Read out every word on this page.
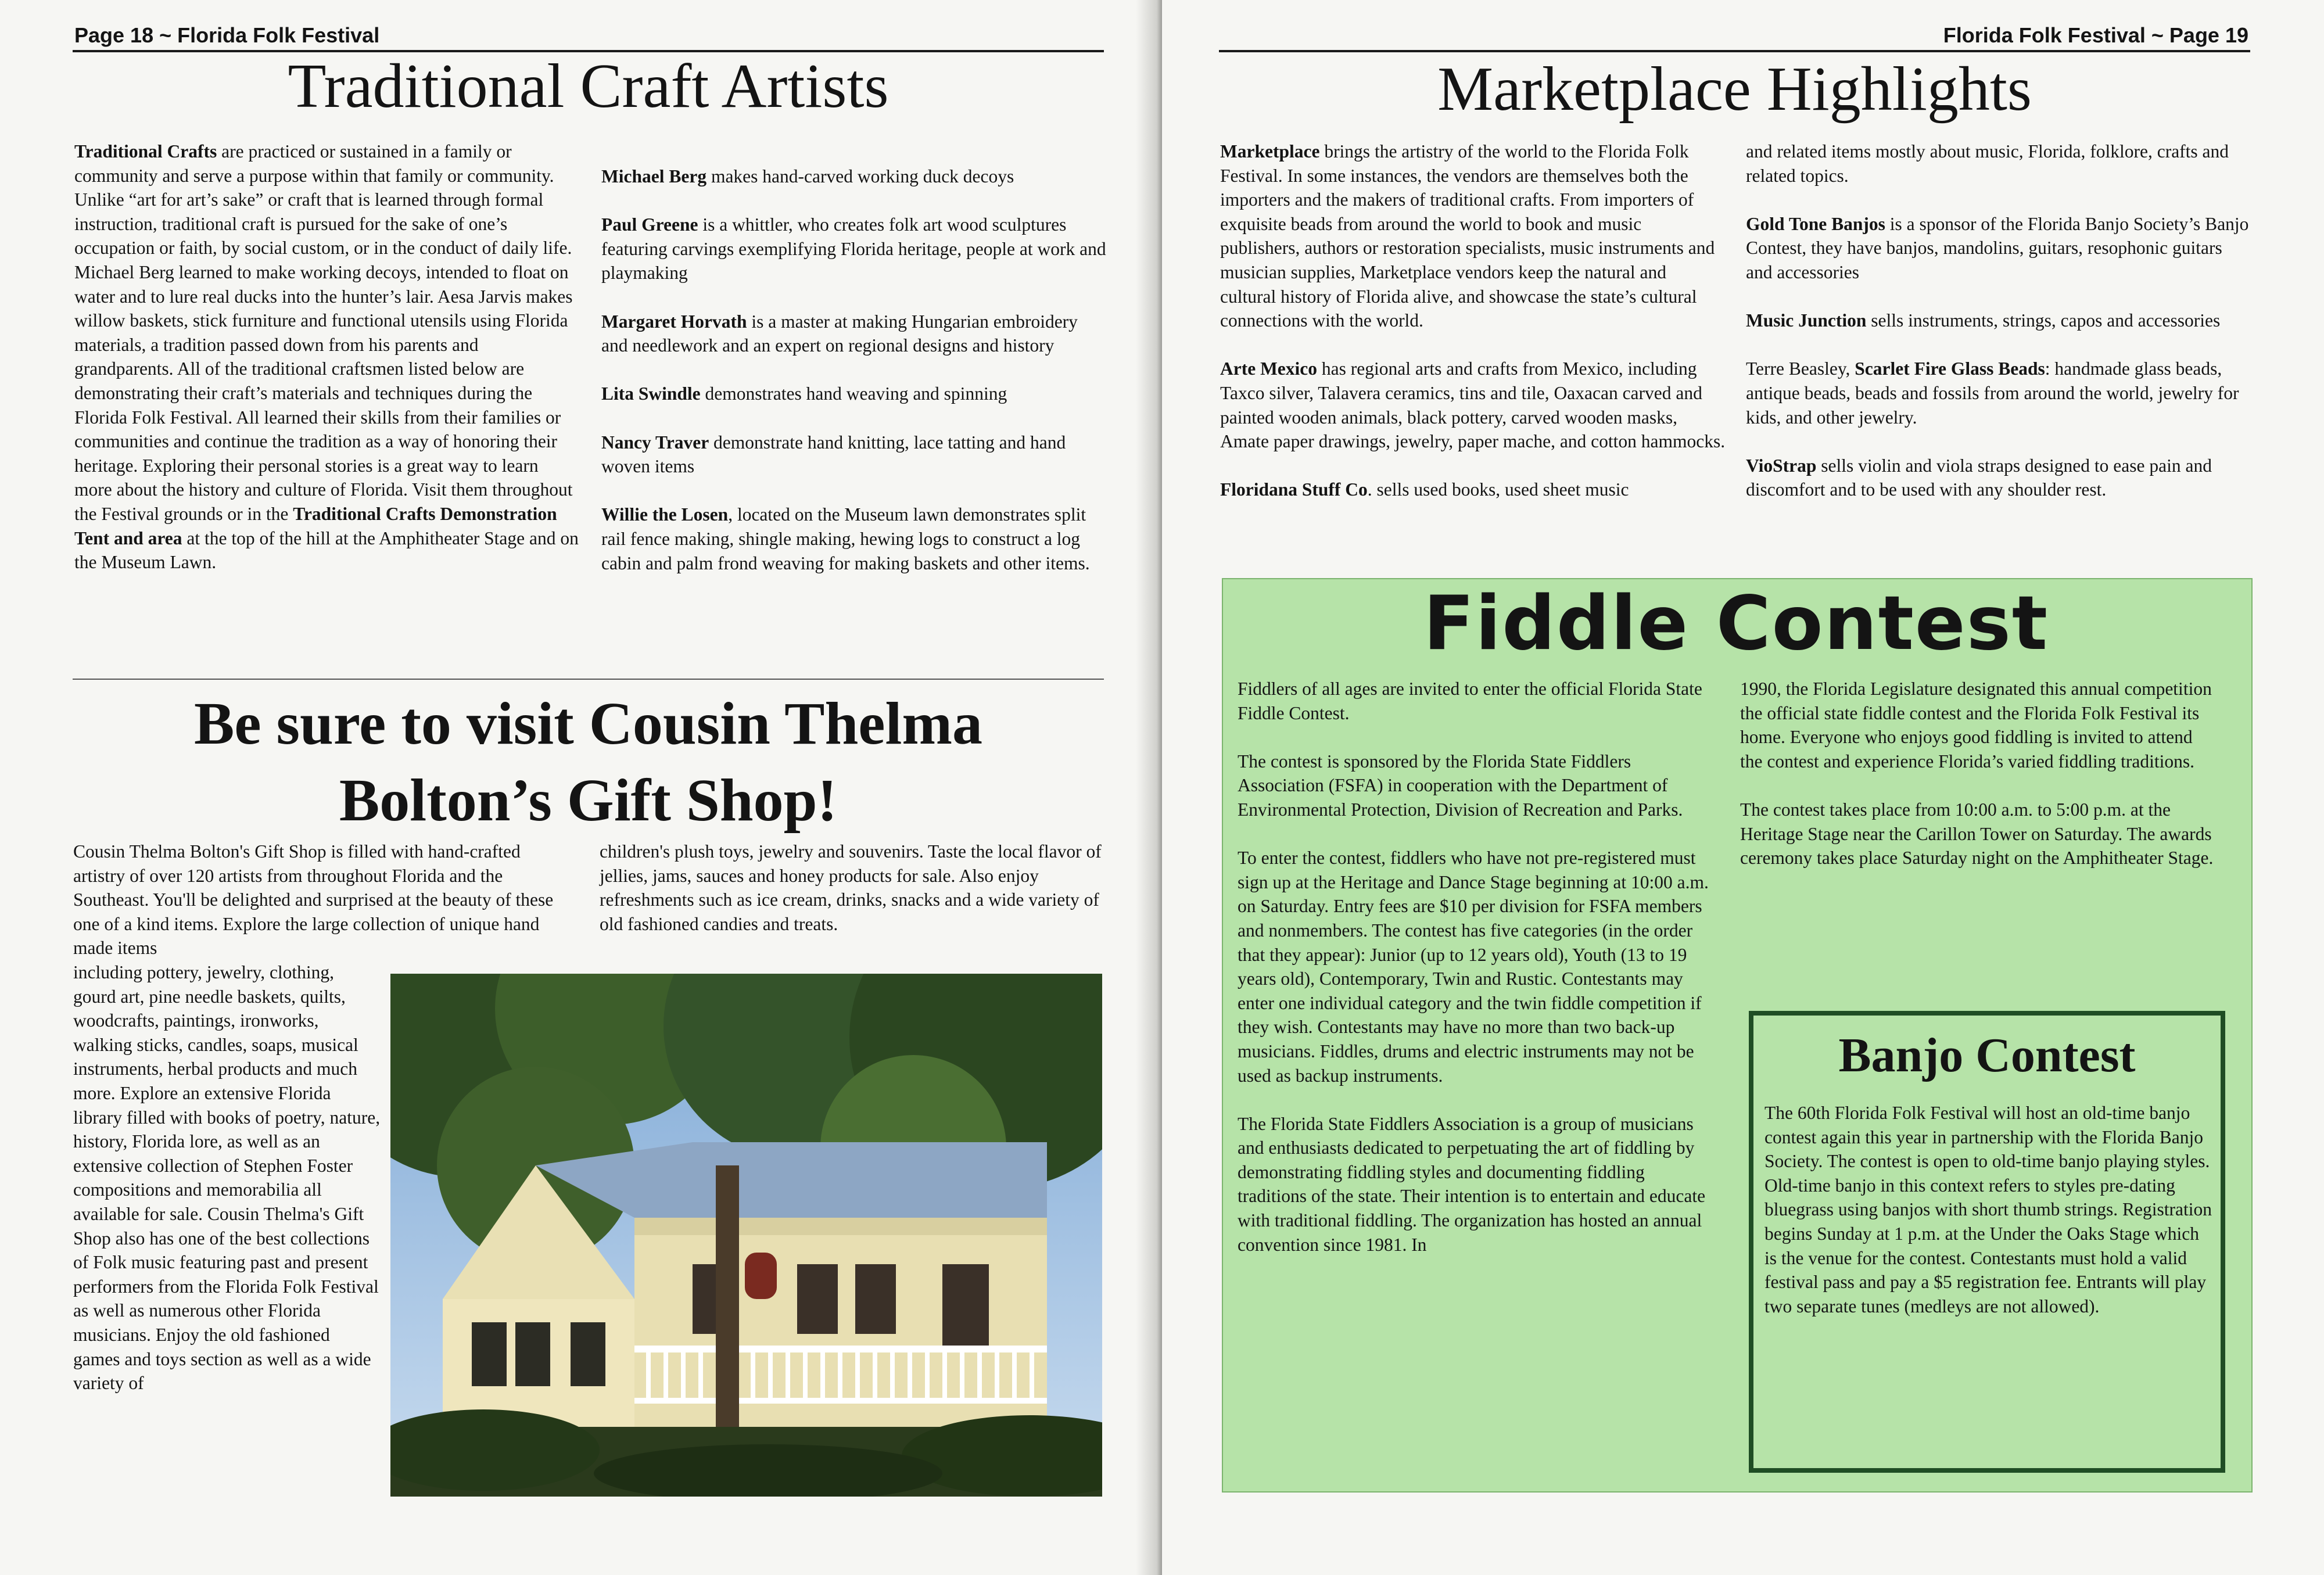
Page 18 ~ Florida Folk Festival
Traditional Craft Artists

Traditional Crafts are practiced or sustained in a family or community and serve a purpose within that family or community. Unlike “art for art’s sake” or craft that is learned through formal instruction, traditional craft is pursued for the sake of one’s occupation or faith, by social custom, or in the conduct of daily life. Michael Berg learned to make working decoys, intended to float on water and to lure real ducks into the hunter’s lair. Aesa Jarvis makes willow baskets, stick furniture and functional utensils using Florida materials, a tradition passed down from his parents and grandparents. All of the traditional craftsmen listed below are demonstrating their craft’s materials and techniques during the Florida Folk Festival. All learned their skills from their families or communities and continue the tradition as a way of honoring their heritage. Exploring their personal stories is a great way to learn more about the history and culture of Florida. Visit them throughout the Festival grounds or in the Traditional Crafts Demonstration Tent and area at the top of the hill at the Amphitheater Stage and on the Museum Lawn.

Michael Berg makes hand-carved working duck decoys

Paul Greene is a whittler, who creates folk art wood sculptures featuring carvings exemplifying Florida heritage, people at work and playmaking

Margaret Horvath is a master at making Hungarian embroidery and needlework and an expert on regional designs and history

Lita Swindle demonstrates hand weaving and spinning

Nancy Traver demonstrate hand knitting, lace tatting and hand woven items

Willie the Losen, located on the Museum lawn demonstrates split rail fence making, shingle making, hewing logs to construct a log cabin and palm frond weaving for making baskets and other items.

Be sure to visit Cousin Thelma
Bolton’s Gift Shop!

Cousin Thelma Bolton's Gift Shop is filled with hand-crafted artistry of over 120 artists from throughout Florida and the Southeast. You'll be delighted and surprised at the beauty of these one of a kind items. Explore the large collection of unique hand made items

including pottery, jewelry, clothing, gourd art, pine needle baskets, quilts, woodcrafts, paintings, ironworks, walking sticks, candles, soaps, musical instruments, herbal products and much more. Explore an extensive Florida library filled with books of poetry, nature, history, Florida lore, as well as an extensive collection of Stephen Foster compositions and memorabilia all available for sale. Cousin Thelma's Gift Shop also has one of the best collections of Folk music featuring past and present performers from the Florida Folk Festival as well as numerous other Florida musicians. Enjoy the old fashioned games and toys section as well as a wide variety of

children's plush toys, jewelry and souvenirs. Taste the local flavor of jellies, jams, sauces and honey products for sale. Also enjoy refreshments such as ice cream, drinks, snacks and a wide variety of old fashioned candies and treats.

Florida Folk Festival ~ Page 19
Marketplace Highlights

Marketplace brings the artistry of the world to the Florida Folk Festival. In some instances, the vendors are themselves both the importers and the makers of traditional crafts. From importers of exquisite beads from around the world to book and music publishers, authors or restoration specialists, music instruments and musician supplies, Marketplace vendors keep the natural and cultural history of Florida alive, and showcase the state’s cultural connections with the world.

Arte Mexico has regional arts and crafts from Mexico, including Taxco silver, Talavera ceramics, tins and tile, Oaxacan carved and painted wooden animals, black pottery, carved wooden masks, Amate paper drawings, jewelry, paper mache, and cotton hammocks.

Floridana Stuff Co. sells used books, used sheet music

and related items mostly about music, Florida, folklore, crafts and related topics.

Gold Tone Banjos is a sponsor of the Florida Banjo Society’s Banjo Contest, they have banjos, mandolins, guitars, resophonic guitars and accessories

Music Junction sells instruments, strings, capos and accessories

Terre Beasley, Scarlet Fire Glass Beads: handmade glass beads, antique beads, beads and fossils from around the world, jewelry for kids, and other jewelry.

VioStrap sells violin and viola straps designed to ease pain and discomfort and to be used with any shoulder rest.

Fiddle Contest

Fiddlers of all ages are invited to enter the official Florida State Fiddle Contest.

The contest is sponsored by the Florida State Fiddlers Association (FSFA) in cooperation with the Department of Environmental Protection, Division of Recreation and Parks.

To enter the contest, fiddlers who have not pre-registered must sign up at the Heritage and Dance Stage beginning at 10:00 a.m. on Saturday. Entry fees are $10 per division for FSFA members and nonmembers. The contest has five categories (in the order that they appear): Junior (up to 12 years old), Youth (13 to 19 years old), Contemporary, Twin and Rustic. Contestants may enter one individual category and the twin fiddle competition if they wish. Contestants may have no more than two back-up musicians. Fiddles, drums and electric instruments may not be used as backup instruments.

The Florida State Fiddlers Association is a group of musicians and enthusiasts dedicated to perpetuating the art of fiddling by demonstrating fiddling styles and documenting fiddling traditions of the state. Their intention is to entertain and educate with traditional fiddling. The organization has hosted an annual convention since 1981. In

1990, the Florida Legislature designated this annual competition the official state fiddle contest and the Florida Folk Festival its home. Everyone who enjoys good fiddling is invited to attend the contest and experience Florida’s varied fiddling traditions.

The contest takes place from 10:00 a.m. to 5:00 p.m. at the Heritage Stage near the Carillon Tower on Saturday. The awards ceremony takes place Saturday night on the Amphitheater Stage.

Banjo Contest

The 60th Florida Folk Festival will host an old-time banjo contest again this year in partnership with the Florida Banjo Society. The contest is open to old-time banjo playing styles. Old-time banjo in this context refers to styles pre-dating bluegrass using banjos with short thumb strings. Registration begins Sunday at 1 p.m. at the Under the Oaks Stage which is the venue for the contest. Contestants must hold a valid festival pass and pay a $5 registration fee. Entrants will play two separate tunes (medleys are not allowed).
